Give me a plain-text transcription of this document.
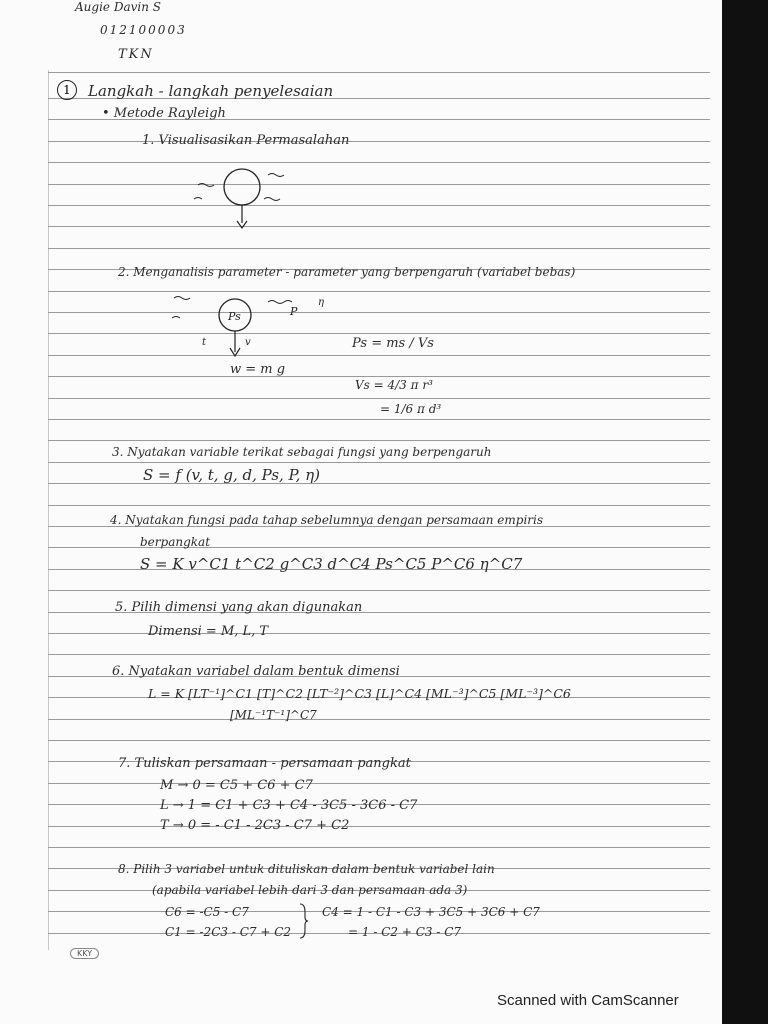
Augie Davin S
012100003
TKN
1	Langkah - langkah penyelesaian
• Metode Rayleigh
1. Visualisasikan Permasalahan
2. Menganalisis parameter - parameter yang berpengaruh (variabel bebas)
Ps
v
t
P
η
w = m g
Ps = ms / Vs
Vs = 4/3 π r³
= 1/6 π d³
3. Nyatakan variable terikat sebagai fungsi yang berpengaruh
S = f (v, t, g, d, Ps, P, η)
4. Nyatakan fungsi pada tahap sebelumnya dengan persamaan empiris
berpangkat
S = K v^C1 t^C2 g^C3 d^C4 Ps^C5 P^C6 η^C7
5. Pilih dimensi yang akan digunakan
Dimensi = M, L, T
6. Nyatakan variabel dalam bentuk dimensi
L = K [LT⁻¹]^C1 [T]^C2 [LT⁻²]^C3 [L]^C4 [ML⁻³]^C5 [ML⁻³]^C6
[ML⁻¹T⁻¹]^C7
7. Tuliskan persamaan - persamaan pangkat
M → 0 = C5 + C6 + C7
L → 1 = C1 + C3 + C4 - 3C5 - 3C6 - C7
T → 0 = - C1 - 2C3 - C7 + C2
8. Pilih 3 variabel untuk dituliskan dalam bentuk variabel lain
(apabila variabel lebih dari 3 dan persamaan ada 3)
C6 = -C5 - C7
C1 = -2C3 - C7 + C2
C4 = 1 - C1 - C3 + 3C5 + 3C6 + C7
= 1 - C2 + C3 - C7
KKY
Scanned with CamScanner
